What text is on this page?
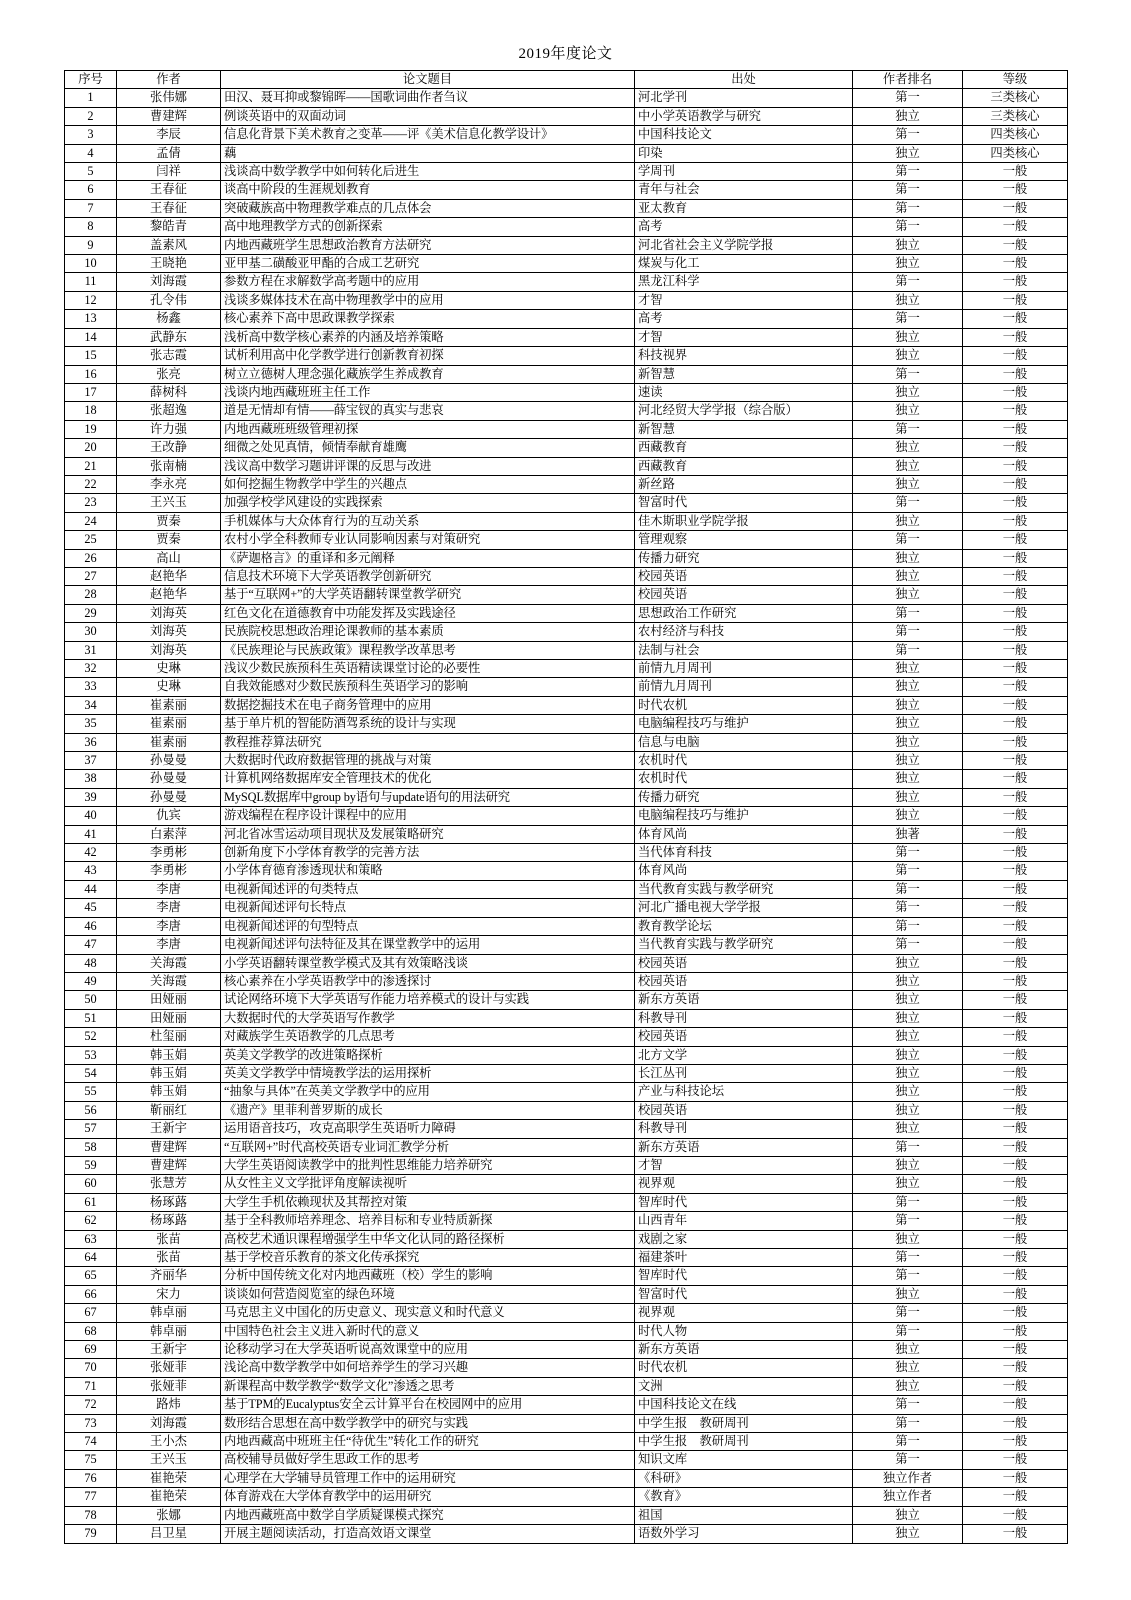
2019年度论文
序号	作者	论文题目	出处	作者排名	等级
1	张伟娜	田汉、聂耳抑或黎锦晖——国歌词曲作者刍议	河北学刊	第一	三类核心
2	曹建辉	例谈英语中的双面动词	中小学英语教学与研究	独立	三类核心
3	李辰	信息化背景下美术教育之变革——评《美术信息化教学设计》	中国科技论文	第一	四类核心
4	孟倩	藕	印染	独立	四类核心
5	闫祥	浅谈高中数学教学中如何转化后进生	学周刊	第一	一般
6	王春征	谈高中阶段的生涯规划教育	青年与社会	第一	一般
7	王春征	突破藏族高中物理教学难点的几点体会	亚太教育	第一	一般
8	黎皓青	高中地理教学方式的创新探索	高考	第一	一般
9	盖素风	内地西藏班学生思想政治教育方法研究	河北省社会主义学院学报	独立	一般
10	王晓艳	亚甲基二磺酸亚甲酯的合成工艺研究	煤炭与化工	独立	一般
11	刘海霞	参数方程在求解数学高考题中的应用	黑龙江科学	第一	一般
12	孔令伟	浅谈多媒体技术在高中物理教学中的应用	才智	独立	一般
13	杨鑫	核心素养下高中思政课教学探索	高考	第一	一般
14	武静东	浅析高中数学核心素养的内涵及培养策略	才智	独立	一般
15	张志霞	试析利用高中化学教学进行创新教育初探	科技视界	独立	一般
16	张亮	树立立德树人理念强化藏族学生养成教育	新智慧	第一	一般
17	薛树科	浅谈内地西藏班班主任工作	速读	独立	一般
18	张超逸	道是无情却有情——薛宝钗的真实与悲哀	河北经贸大学学报（综合版）	独立	一般
19	许力强	内地西藏班班级管理初探	新智慧	第一	一般
20	王改静	细微之处见真情，倾情奉献育雄鹰	西藏教育	独立	一般
21	张南楠	浅议高中数学习题讲评课的反思与改进	西藏教育	独立	一般
22	李永亮	如何挖掘生物教学中学生的兴趣点	新丝路	独立	一般
23	王兴玉	加强学校学风建设的实践探索	智富时代	第一	一般
24	贾秦	手机媒体与大众体育行为的互动关系	佳木斯职业学院学报	独立	一般
25	贾秦	农村小学全科教师专业认同影响因素与对策研究	管理观察	第一	一般
26	高山	《萨迦格言》的重译和多元阐释	传播力研究	独立	一般
27	赵艳华	信息技术环境下大学英语教学创新研究	校园英语	独立	一般
28	赵艳华	基于“互联网+”的大学英语翻转课堂教学研究	校园英语	独立	一般
29	刘海英	红色文化在道德教育中功能发挥及实践途径	思想政治工作研究	第一	一般
30	刘海英	民族院校思想政治理论课教师的基本素质	农村经济与科技	第一	一般
31	刘海英	《民族理论与民族政策》课程教学改革思考	法制与社会	第一	一般
32	史琳	浅议少数民族预科生英语精读课堂讨论的必要性	前情九月周刊	独立	一般
33	史琳	自我效能感对少数民族预科生英语学习的影响	前情九月周刊	独立	一般
34	崔素丽	数据挖掘技术在电子商务管理中的应用	时代农机	独立	一般
35	崔素丽	基于单片机的智能防酒驾系统的设计与实现	电脑编程技巧与维护	独立	一般
36	崔素丽	教程推荐算法研究	信息与电脑	独立	一般
37	孙曼曼	大数据时代政府数据管理的挑战与对策	农机时代	独立	一般
38	孙曼曼	计算机网络数据库安全管理技术的优化	农机时代	独立	一般
39	孙曼曼	MySQL数据库中group by语句与update语句的用法研究	传播力研究	独立	一般
40	仇宾	游戏编程在程序设计课程中的应用	电脑编程技巧与维护	独立	一般
41	白素萍	河北省冰雪运动项目现状及发展策略研究	体育风尚	独著	一般
42	李勇彬	创新角度下小学体育教学的完善方法	当代体育科技	第一	一般
43	李勇彬	小学体育德育渗透现状和策略	体育风尚	第一	一般
44	李唐	电视新闻述评的句类特点	当代教育实践与教学研究	第一	一般
45	李唐	电视新闻述评句长特点	河北广播电视大学学报	第一	一般
46	李唐	电视新闻述评的句型特点	教育教学论坛	第一	一般
47	李唐	电视新闻述评句法特征及其在课堂教学中的运用	当代教育实践与教学研究	第一	一般
48	关海霞	小学英语翻转课堂教学模式及其有效策略浅谈	校园英语	独立	一般
49	关海霞	核心素养在小学英语教学中的渗透探讨	校园英语	独立	一般
50	田娅丽	试论网络环境下大学英语写作能力培养模式的设计与实践	新东方英语	独立	一般
51	田娅丽	大数据时代的大学英语写作教学	科教导刊	独立	一般
52	杜玺丽	对藏族学生英语教学的几点思考	校园英语	独立	一般
53	韩玉娟	英美文学教学的改进策略探析	北方文学	独立	一般
54	韩玉娟	英美文学教学中情境教学法的运用探析	长江丛刊	独立	一般
55	韩玉娟	“抽象与具体”在英美文学教学中的应用	产业与科技论坛	独立	一般
56	靳丽红	《遗产》里菲利普罗斯的成长	校园英语	独立	一般
57	王新宇	运用语音技巧，攻克高职学生英语听力障碍	科教导刊	独立	一般
58	曹建辉	“互联网+”时代高校英语专业词汇教学分析	新东方英语	第一	一般
59	曹建辉	大学生英语阅读教学中的批判性思维能力培养研究	才智	独立	一般
60	张慧芳	从女性主义文学批评角度解读视听	视界观	独立	一般
61	杨琢蕗	大学生手机依赖现状及其帮控对策	智库时代	第一	一般
62	杨琢蕗	基于全科教师培养理念、培养目标和专业特质新探	山西青年	第一	一般
63	张苗	高校艺术通识课程增强学生中华文化认同的路径探析	戏剧之家	独立	一般
64	张苗	基于学校音乐教育的茶文化传承探究	福建茶叶	第一	一般
65	齐丽华	分析中国传统文化对内地西藏班（校）学生的影响	智库时代	第一	一般
66	宋力	谈谈如何营造阅览室的绿色环境	智富时代	独立	一般
67	韩卓丽	马克思主义中国化的历史意义、现实意义和时代意义	视界观	第一	一般
68	韩卓丽	中国特色社会主义进入新时代的意义	时代人物	第一	一般
69	王新宇	论移动学习在大学英语听说高效课堂中的应用	新东方英语	独立	一般
70	张娅菲	浅论高中数学教学中如何培养学生的学习兴趣	时代农机	独立	一般
71	张娅菲	新课程高中数学教学“数学文化”渗透之思考	文洲	独立	一般
72	路炜	基于TPM的Eucalyptus安全云计算平台在校园网中的应用	中国科技论文在线	第一	一般
73	刘海霞	数形结合思想在高中数学教学中的研究与实践	中学生报　教研周刊	第一	一般
74	王小杰	内地西藏高中班班主任“待优生”转化工作的研究	中学生报　教研周刊	第一	一般
75	王兴玉	高校辅导员做好学生思政工作的思考	知识文库	第一	一般
76	崔艳荣	心理学在大学辅导员管理工作中的运用研究	《科研》	独立作者	一般
77	崔艳荣	体育游戏在大学体育教学中的运用研究	《教育》	独立作者	一般
78	张娜	内地西藏班高中数学自学质疑课模式探究	祖国	独立	一般
79	吕卫星	开展主题阅读活动，打造高效语文课堂	语数外学习	独立	一般
